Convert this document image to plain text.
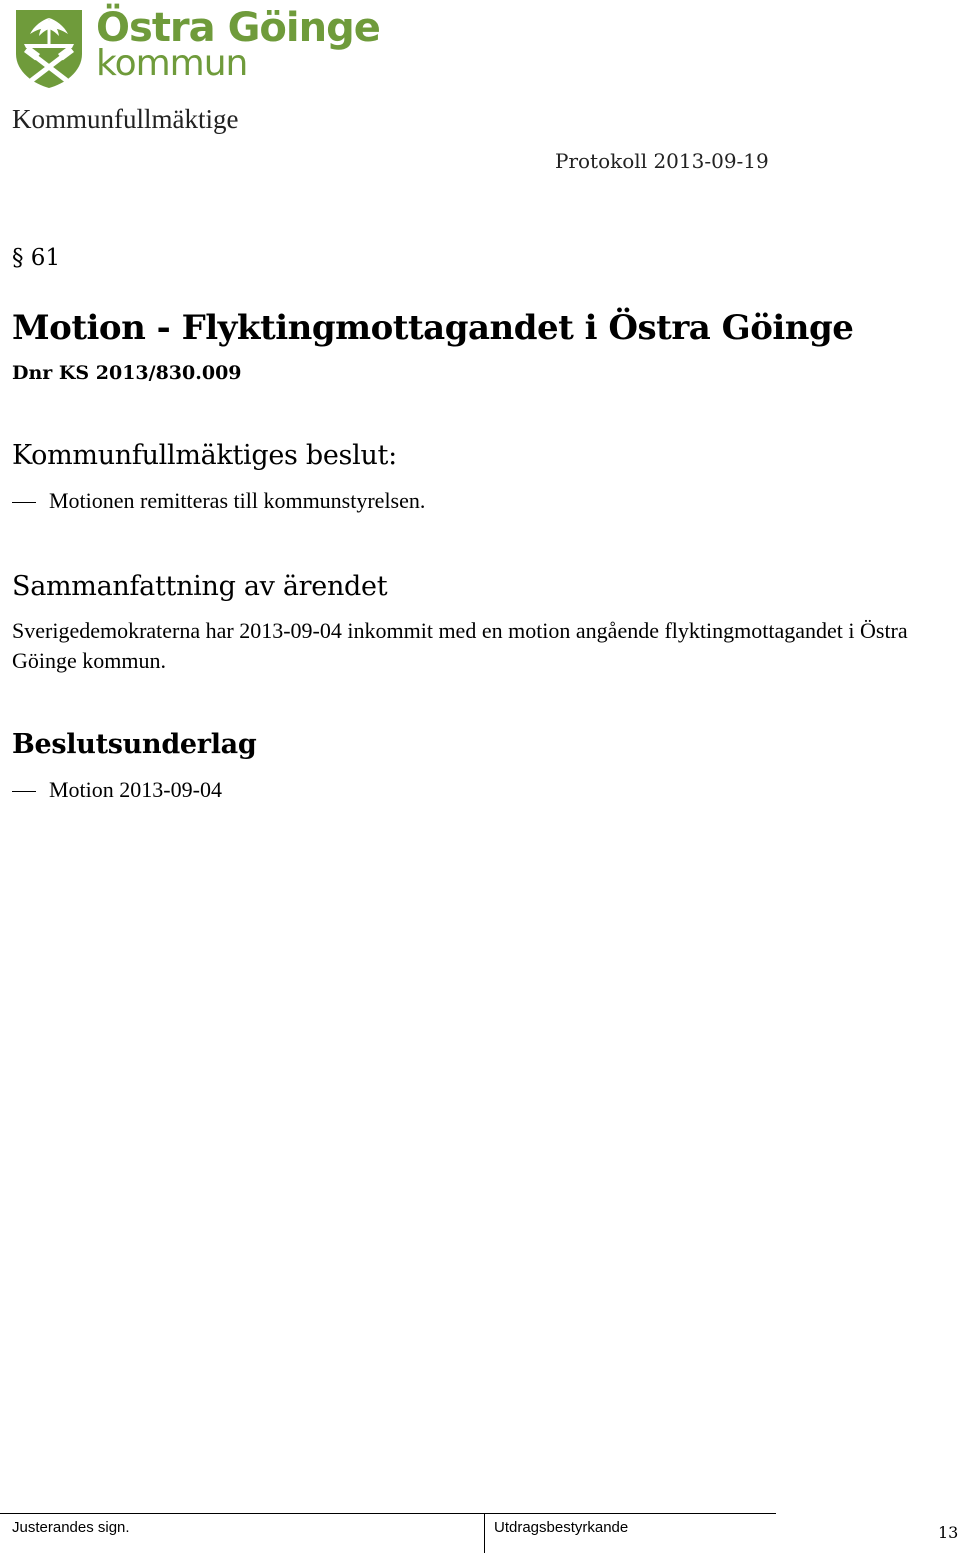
Östra Göinge
kommun
Kommunfullmäktige
Protokoll 2013-09-19
§ 61
Motion - Flyktingmottagandet i Östra Göinge
Dnr KS 2013/830.009
Kommunfullmäktiges beslut:
Motionen remitteras till kommunstyrelsen.
Sammanfattning av ärendet
Sverigedemokraterna har 2013-09-04 inkommit med en motion angående flyktingmottagandet i Östra Göinge kommun.
Beslutsunderlag
Motion 2013-09-04
Justerandes sign.	Utdragsbestyrkande	13
